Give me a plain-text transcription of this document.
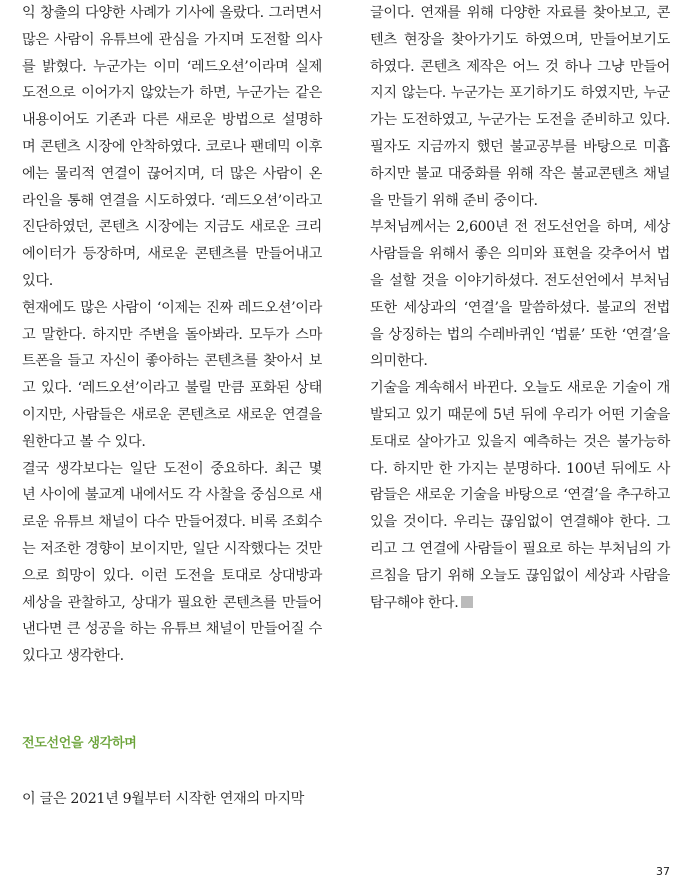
익 창출의 다양한 사례가 기사에 올랐다. 그러면서 많은 사람이 유튜브에 관심을 가지며 도전할 의사를 밝혔다. 누군가는 이미 ‘레드오션’이라며 실제 도전으로 이어가지 않았는가 하면, 누군가는 같은 내용이어도 기존과 다른 새로운 방법으로 설명하며 콘텐츠 시장에 안착하였다. 코로나 팬데믹 이후에는 물리적 연결이 끊어지며, 더 많은 사람이 온라인을 통해 연결을 시도하였다. ‘레드오션’이라고 진단하였던, 콘텐츠 시장에는 지금도 새로운 크리에이터가 등장하며, 새로운 콘텐츠를 만들어내고 있다.

현재에도 많은 사람이 ‘이제는 진짜 레드오션’이라고 말한다. 하지만 주변을 돌아봐라. 모두가 스마트폰을 들고 자신이 좋아하는 콘텐츠를 찾아서 보고 있다. ‘레드오션’이라고 불릴 만큼 포화된 상태이지만, 사람들은 새로운 콘텐츠로 새로운 연결을 원한다고 볼 수 있다.

결국 생각보다는 일단 도전이 중요하다. 최근 몇 년 사이에 불교계 내에서도 각 사찰을 중심으로 새로운 유튜브 채널이 다수 만들어졌다. 비록 조회수는 저조한 경향이 보이지만, 일단 시작했다는 것만으로 희망이 있다. 이런 도전을 토대로 상대방과 세상을 관찰하고, 상대가 필요한 콘텐츠를 만들어낸다면 큰 성공을 하는 유튜브 채널이 만들어질 수 있다고 생각한다.

전도선언을 생각하며
이 글은 2021년 9월부터 시작한 연재의 마지막

글이다. 연재를 위해 다양한 자료를 찾아보고, 콘텐츠 현장을 찾아가기도 하였으며, 만들어보기도 하였다. 콘텐츠 제작은 어느 것 하나 그냥 만들어지지 않는다. 누군가는 포기하기도 하였지만, 누군가는 도전하였고, 누군가는 도전을 준비하고 있다. 필자도 지금까지 했던 불교공부를 바탕으로 미흡하지만 불교 대중화를 위해 작은 불교콘텐츠 채널을 만들기 위해 준비 중이다.

부처님께서는 2,600년 전 전도선언을 하며, 세상 사람들을 위해서 좋은 의미와 표현을 갖추어서 법을 설할 것을 이야기하셨다. 전도선언에서 부처님 또한 세상과의 ‘연결’을 말씀하셨다. 불교의 전법을 상징하는 법의 수레바퀴인 ‘법륜’ 또한 ‘연결’을 의미한다.

기술을 계속해서 바뀐다. 오늘도 새로운 기술이 개발되고 있기 때문에 5년 뒤에 우리가 어떤 기술을 토대로 살아가고 있을지 예측하는 것은 불가능하다. 하지만 한 가지는 분명하다. 100년 뒤에도 사람들은 새로운 기술을 바탕으로 ‘연결’을 추구하고 있을 것이다. 우리는 끊임없이 연결해야 한다. 그리고 그 연결에 사람들이 필요로 하는 부처님의 가르침을 담기 위해 오늘도 끊임없이 세상과 사람을 탐구해야 한다.

37
